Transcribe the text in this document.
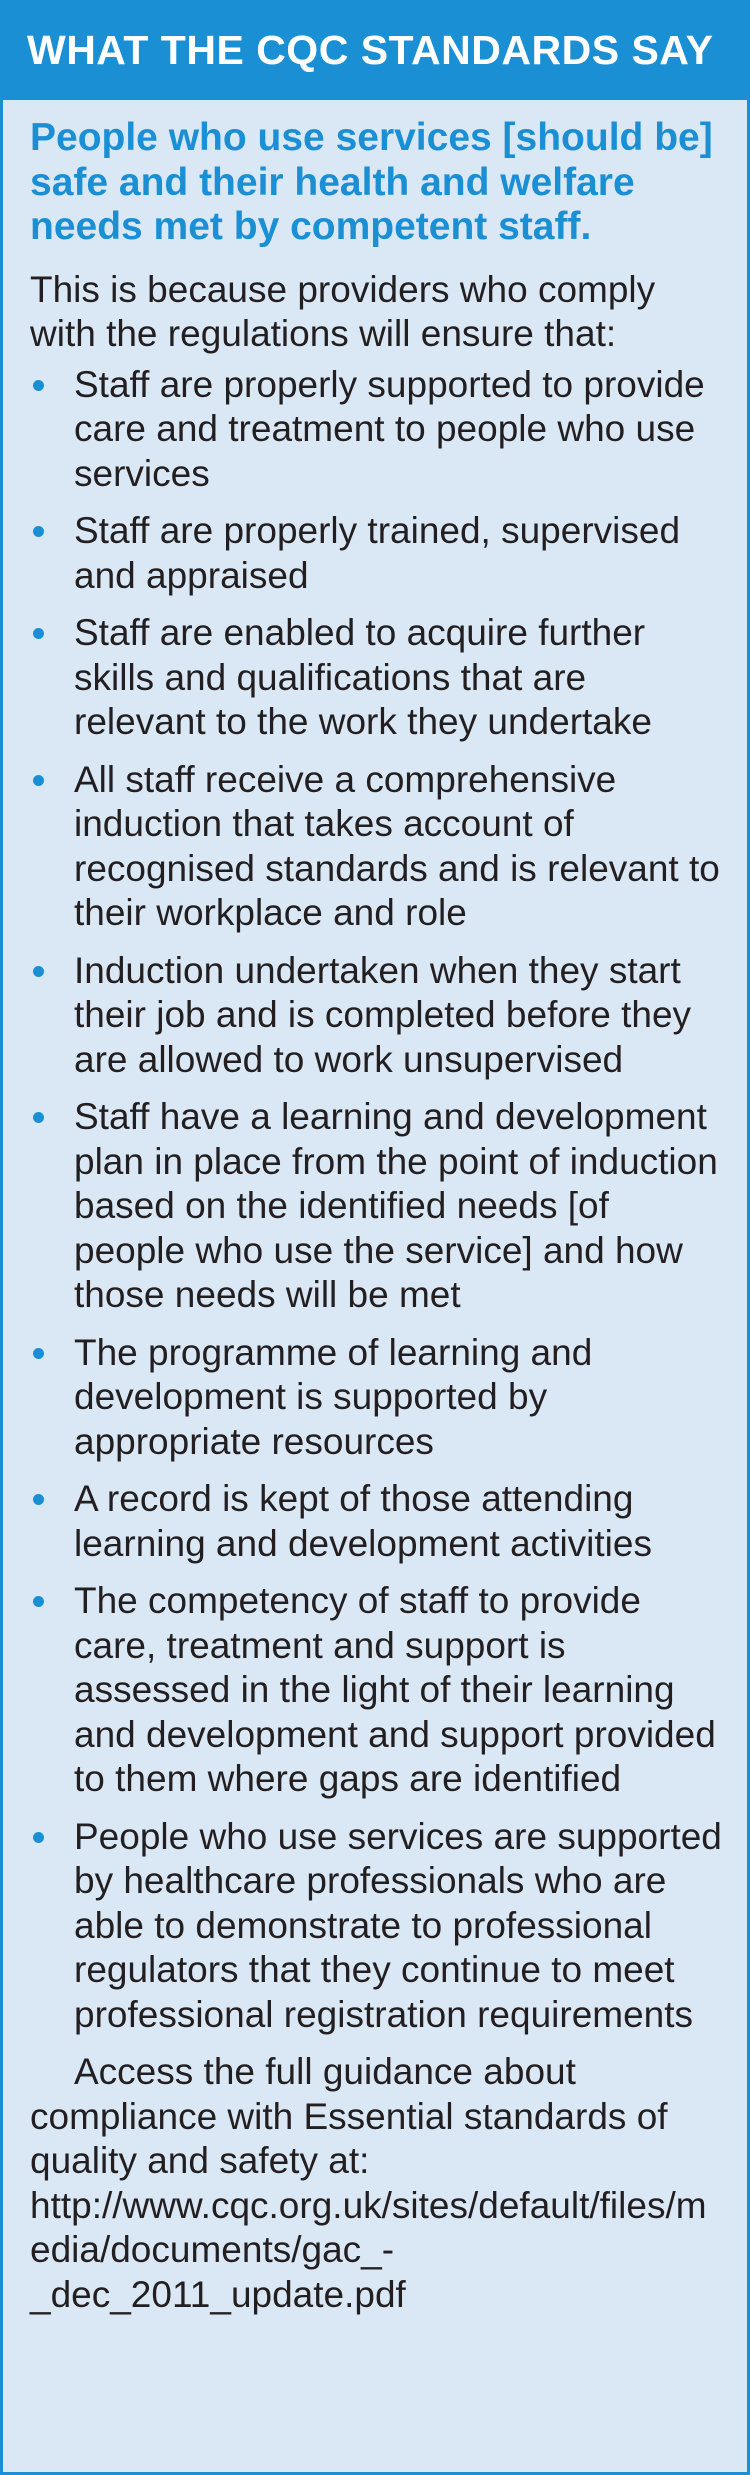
WHAT THE CQC STANDARDS SAY

People who use services [should be] safe and their health and welfare needs met by competent staff.

This is because providers who comply with the regulations will ensure that:

Staff are properly supported to provide care and treatment to people who use services
Staff are properly trained, supervised and appraised
Staff are enabled to acquire further skills and qualifications that are relevant to the work they undertake
All staff receive a comprehensive induction that takes account of recognised standards and is relevant to their workplace and role
Induction undertaken when they start their job and is completed before they are allowed to work unsupervised
Staff have a learning and development plan in place from the point of induction based on the identified needs [of people who use the service] and how those needs will be met
The programme of learning and development is supported by appropriate resources
A record is kept of those attending learning and development activities
The competency of staff to provide care, treatment and support is assessed in the light of their learning and development and support provided to them where gaps are identified
People who use services are supported by healthcare professionals who are able to demonstrate to professional regulators that they continue to meet professional registration requirements

Access the full guidance about compliance with Essential standards of quality and safety at: http://www.cqc.org.uk/sites/default/files/media/documents/gac_-_dec_2011_update.pdf
